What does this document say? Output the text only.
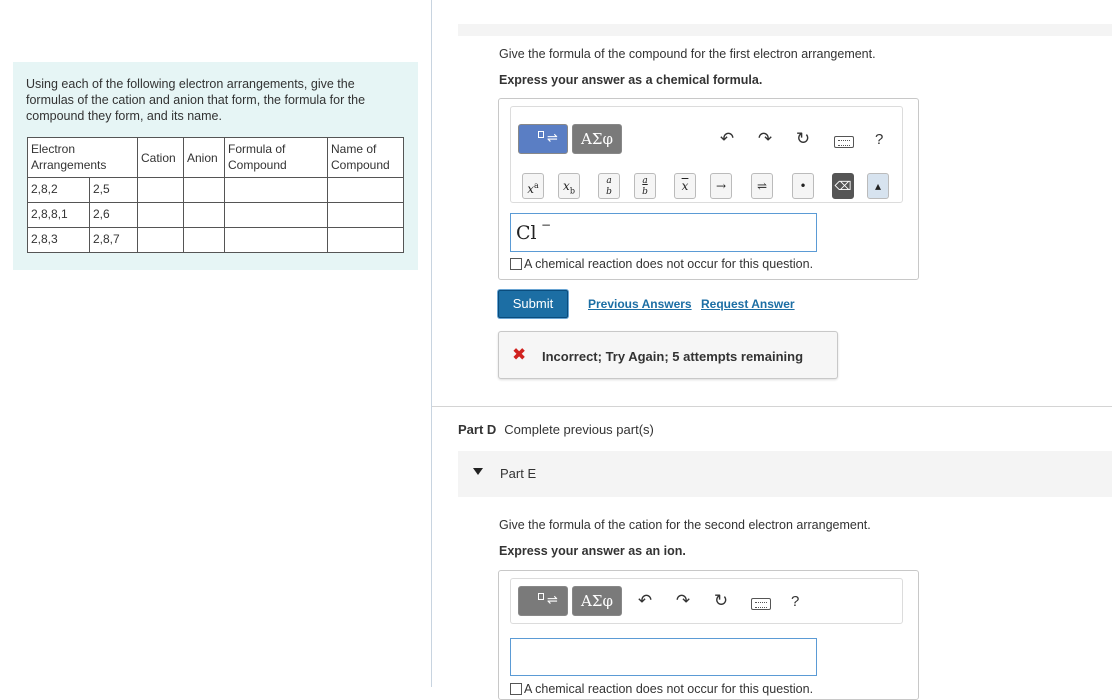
Using each of the following electron arrangements, give the formulas of the cation and anion that form, the formula for the compound they form, and its name.
Electron Arrangements		Cation	Anion	Formula of Compound	Name of Compound
2,8,2	2,5				
2,8,8,1	2,6				
2,8,3	2,8,7				
Give the formula of the compound for the first electron arrangement.
Express your answer as a chemical formula.
⇌	ΑΣφ	↶ ↷ ↻	?
$x^a$	$x_b$
a
b
a
b	$\overline{x}$	→	⇌	•	⌫	▴
Cl −
A chemical reaction does not occur for this question.
Submit	Previous Answers Request Answer
✖ Incorrect; Try Again; 5 attempts remaining
Part D Complete previous part(s)
Part E
Give the formula of the cation for the second electron arrangement.
Express your answer as an ion.
⇌	ΑΣφ	↶ ↷ ↻	?
A chemical reaction does not occur for this question.
